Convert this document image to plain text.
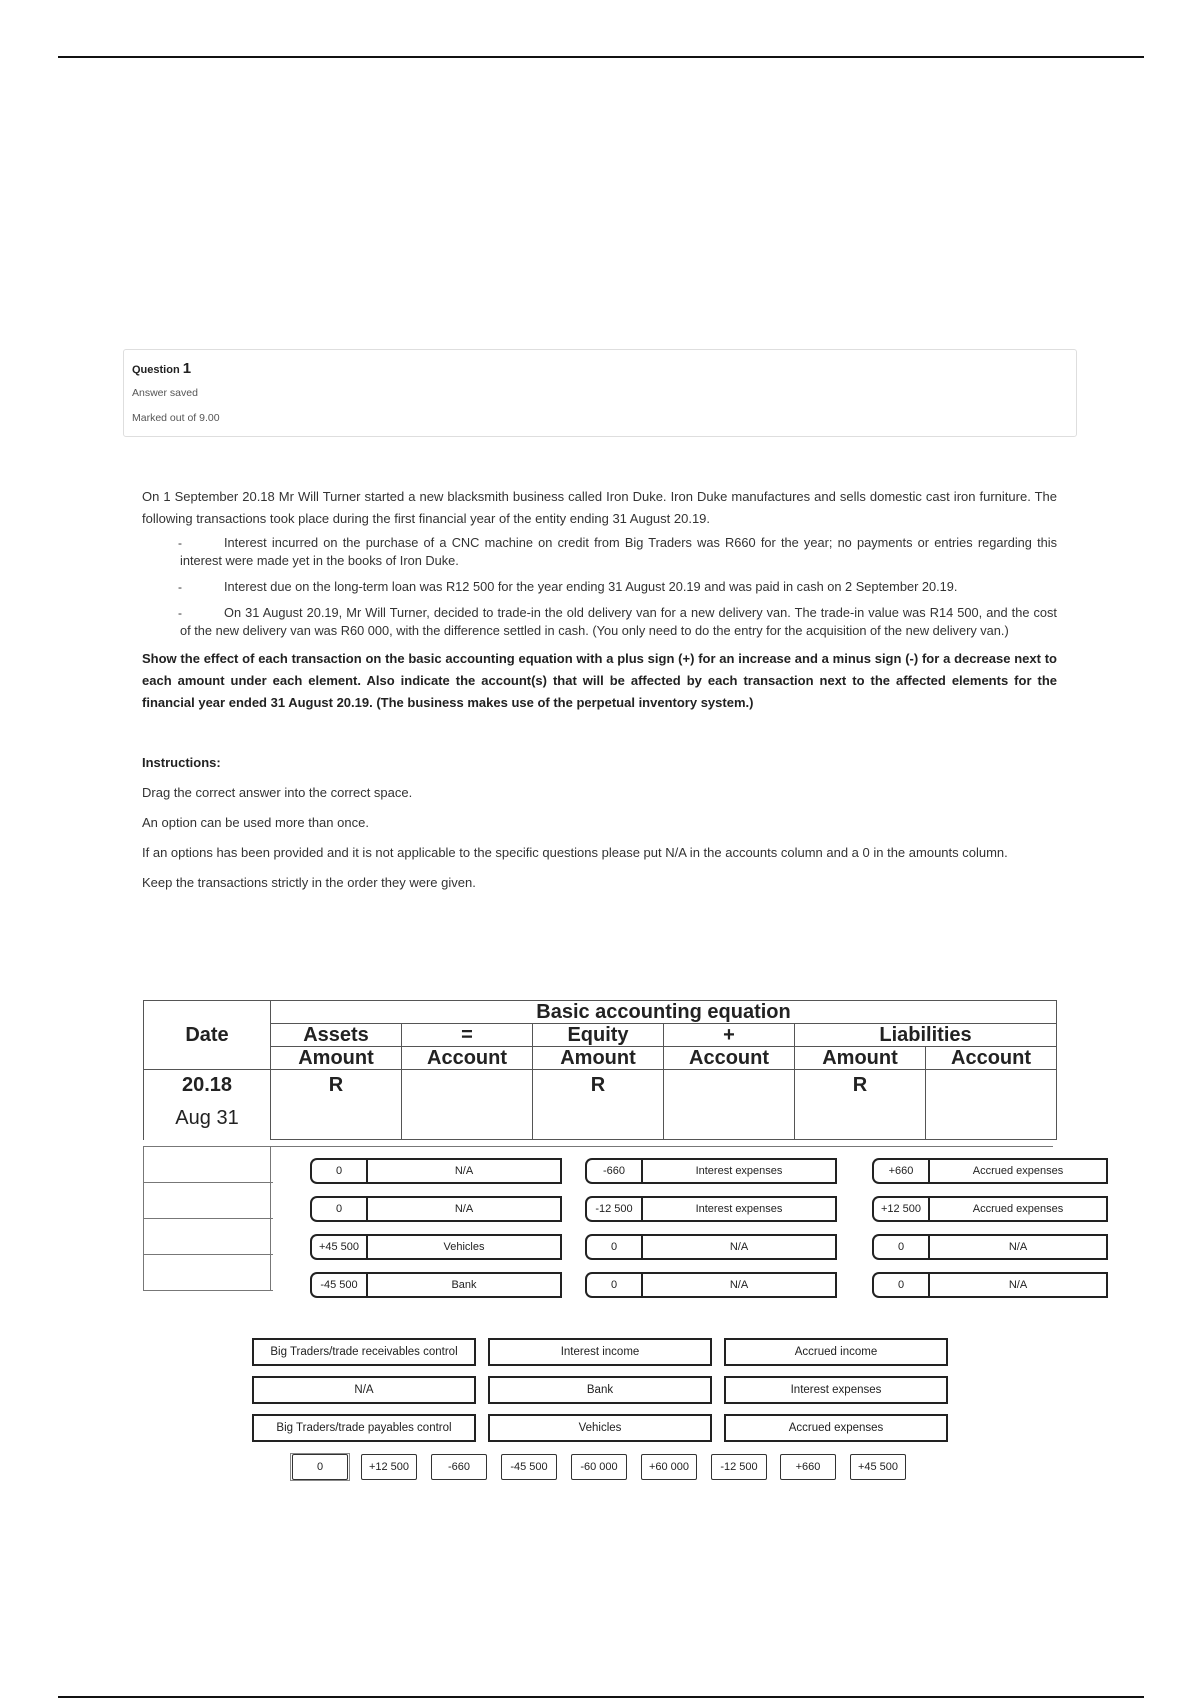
Question 1
Answer saved
Marked out of 9.00

On 1 September 20.18 Mr Will Turner started a new blacksmith business called Iron Duke. Iron Duke manufactures and sells domestic cast iron furniture. The following transactions took place during the first financial year of the entity ending 31 August 20.19.

-	Interest incurred on the purchase of a CNC machine on credit from Big Traders was R660 for the year; no payments or entries regarding this interest were made yet in the books of Iron Duke.
-	Interest due on the long-term loan was R12 500 for the year ending 31 August 20.19 and was paid in cash on 2 September 20.19.
-	On 31 August 20.19, Mr Will Turner, decided to trade-in the old delivery van for a new delivery van. The trade-in value was R14 500, and the cost of the new delivery van was R60 000, with the difference settled in cash. (You only need to do the entry for the acquisition of the new delivery van.)

Show the effect of each transaction on the basic accounting equation with a plus sign (+) for an increase and a minus sign (-) for a decrease next to each amount under each element. Also indicate the account(s) that will be affected by each transaction next to the affected elements for the financial year ended 31 August 20.19. (The business makes use of the perpetual inventory system.)

Instructions:

Drag the correct answer into the correct space.

An option can be used more than once.

If an options has been provided and it is not applicable to the specific questions please put N/A in the accounts column and a 0 in the amounts column.

Keep the transactions strictly in the order they were given.

Date	Basic accounting equation					
	Assets	=	Equity	+	Liabilities	
	Amount	Account	Amount	Account	Amount	Account

20.18
Aug 31	R		R		R	
0	N/A	-660	Interest expenses	+660	Accrued expenses
0	N/A	-12 500	Interest expenses	+12 500	Accrued expenses
+45 500	Vehicles	0	N/A	0	N/A
-45 500	Bank	0	N/A	0	N/A
Big Traders/trade receivables control	Interest income	Accrued income
N/A	Bank	Interest expenses
Big Traders/trade payables control	Vehicles	Accrued expenses
0	+12 500	-660	-45 500	-60 000	+60 000	-12 500	+660	+45 500
